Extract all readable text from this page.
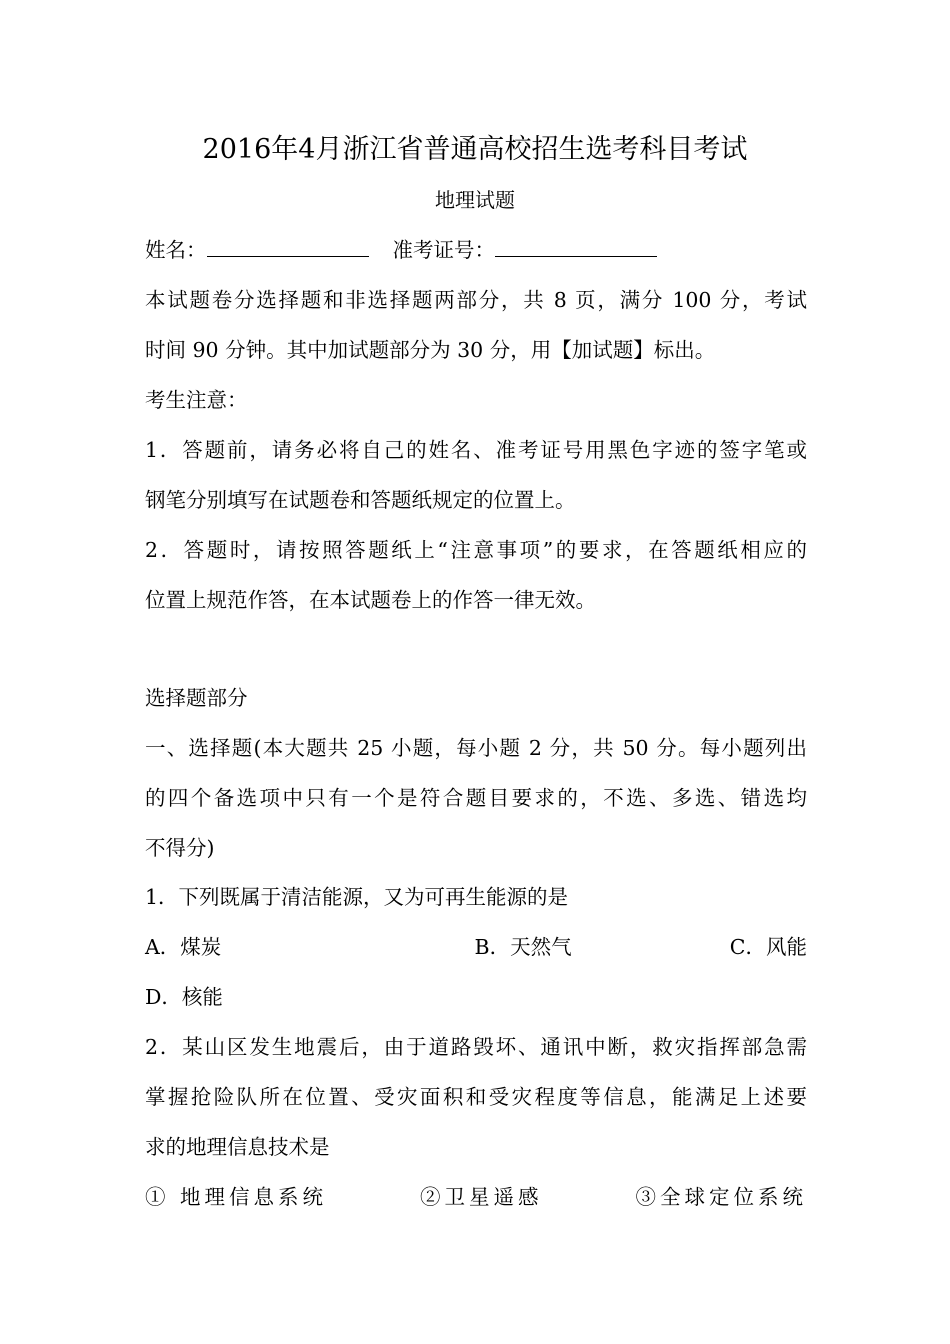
2016年4月浙江省普通高校招生选考科目考试
地理试题
姓名：	准考证号：
本试题卷分选择题和非选择题两部分，共 8 页，满分 100 分，考试
时间 90 分钟。其中加试题部分为 30 分，用【加试题】标出。
考生注意：
1．答题前，请务必将自己的姓名、准考证号用黑色字迹的签字笔或
钢笔分别填写在试题卷和答题纸规定的位置上。
2．答题时，请按照答题纸上“注意事项”的要求，在答题纸相应的
位置上规范作答，在本试题卷上的作答一律无效。
选择题部分
一、选择题(本大题共 25 小题，每小题 2 分，共 50 分。每小题列出
的四个备选项中只有一个是符合题目要求的，不选、多选、错选均
不得分)
1．下列既属于清洁能源，又为可再生能源的是
A．煤炭	B．天然气	C．风能
D．核能
2．某山区发生地震后，由于道路毁坏、通讯中断，救灾指挥部急需
掌握抢险队所在位置、受灾面积和受灾程度等信息，能满足上述要
求的地理信息技术是
① 地理信息系统	②卫星遥感	③全球定位系统
